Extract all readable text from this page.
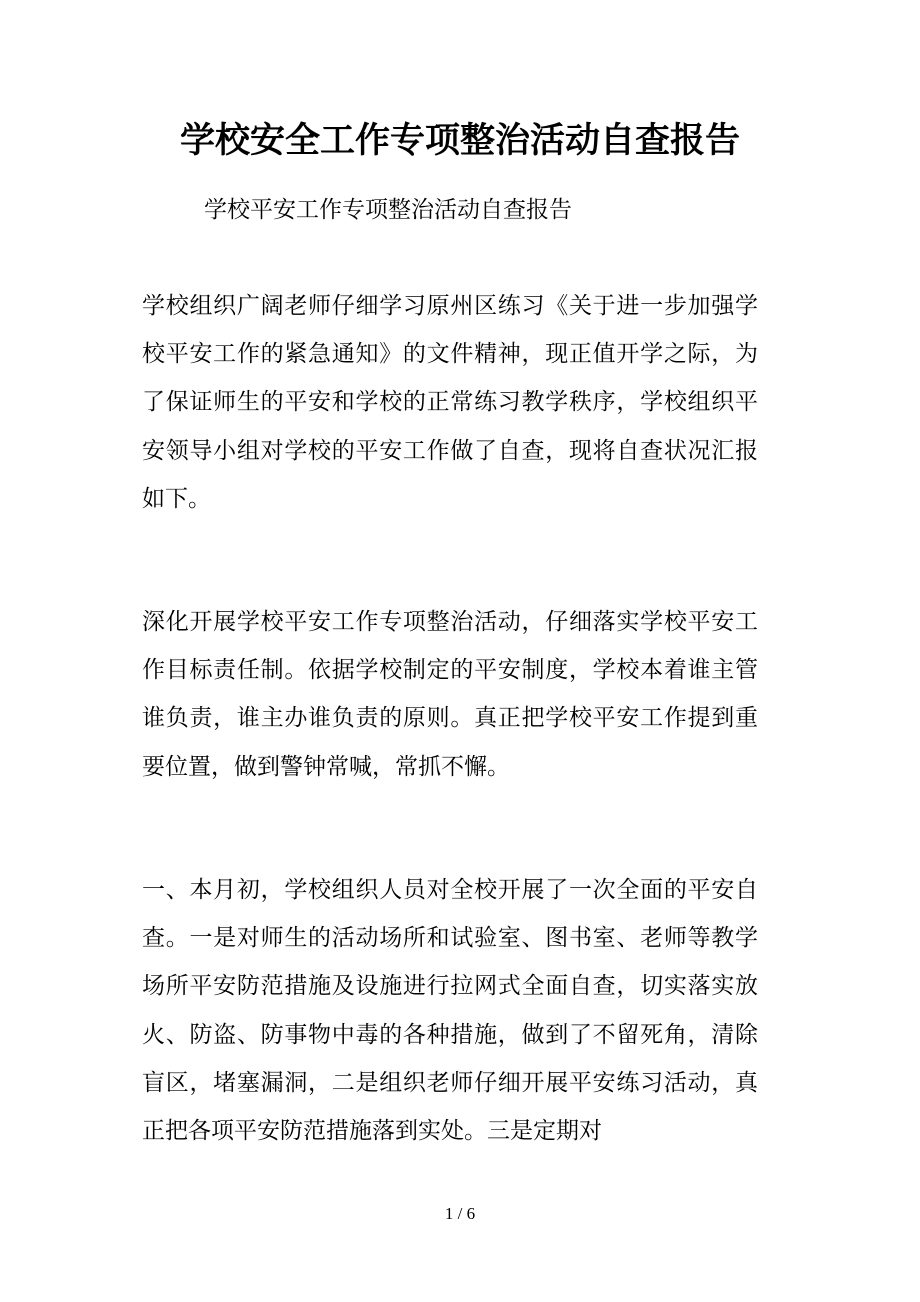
学校安全工作专项整治活动自查报告

学校平安工作专项整治活动自查报告

学校组织广阔老师仔细学习原州区练习《关于进一步加强学校平安工作的紧急通知》的文件精神，现正值开学之际，为了保证师生的平安和学校的正常练习教学秩序，学校组织平安领导小组对学校的平安工作做了自查，现将自查状况汇报如下。

深化开展学校平安工作专项整治活动，仔细落实学校平安工作目标责任制。依据学校制定的平安制度，学校本着谁主管谁负责，谁主办谁负责的原则。真正把学校平安工作提到重要位置，做到警钟常喊，常抓不懈。

一、本月初，学校组织人员对全校开展了一次全面的平安自查。一是对师生的活动场所和试验室、图书室、老师等教学场所平安防范措施及设施进行拉网式全面自查，切实落实放火、防盗、防事物中毒的各种措施，做到了不留死角，清除盲区，堵塞漏洞，二是组织老师仔细开展平安练习活动，真正把各项平安防范措施落到实处。三是定期对

1 / 6
